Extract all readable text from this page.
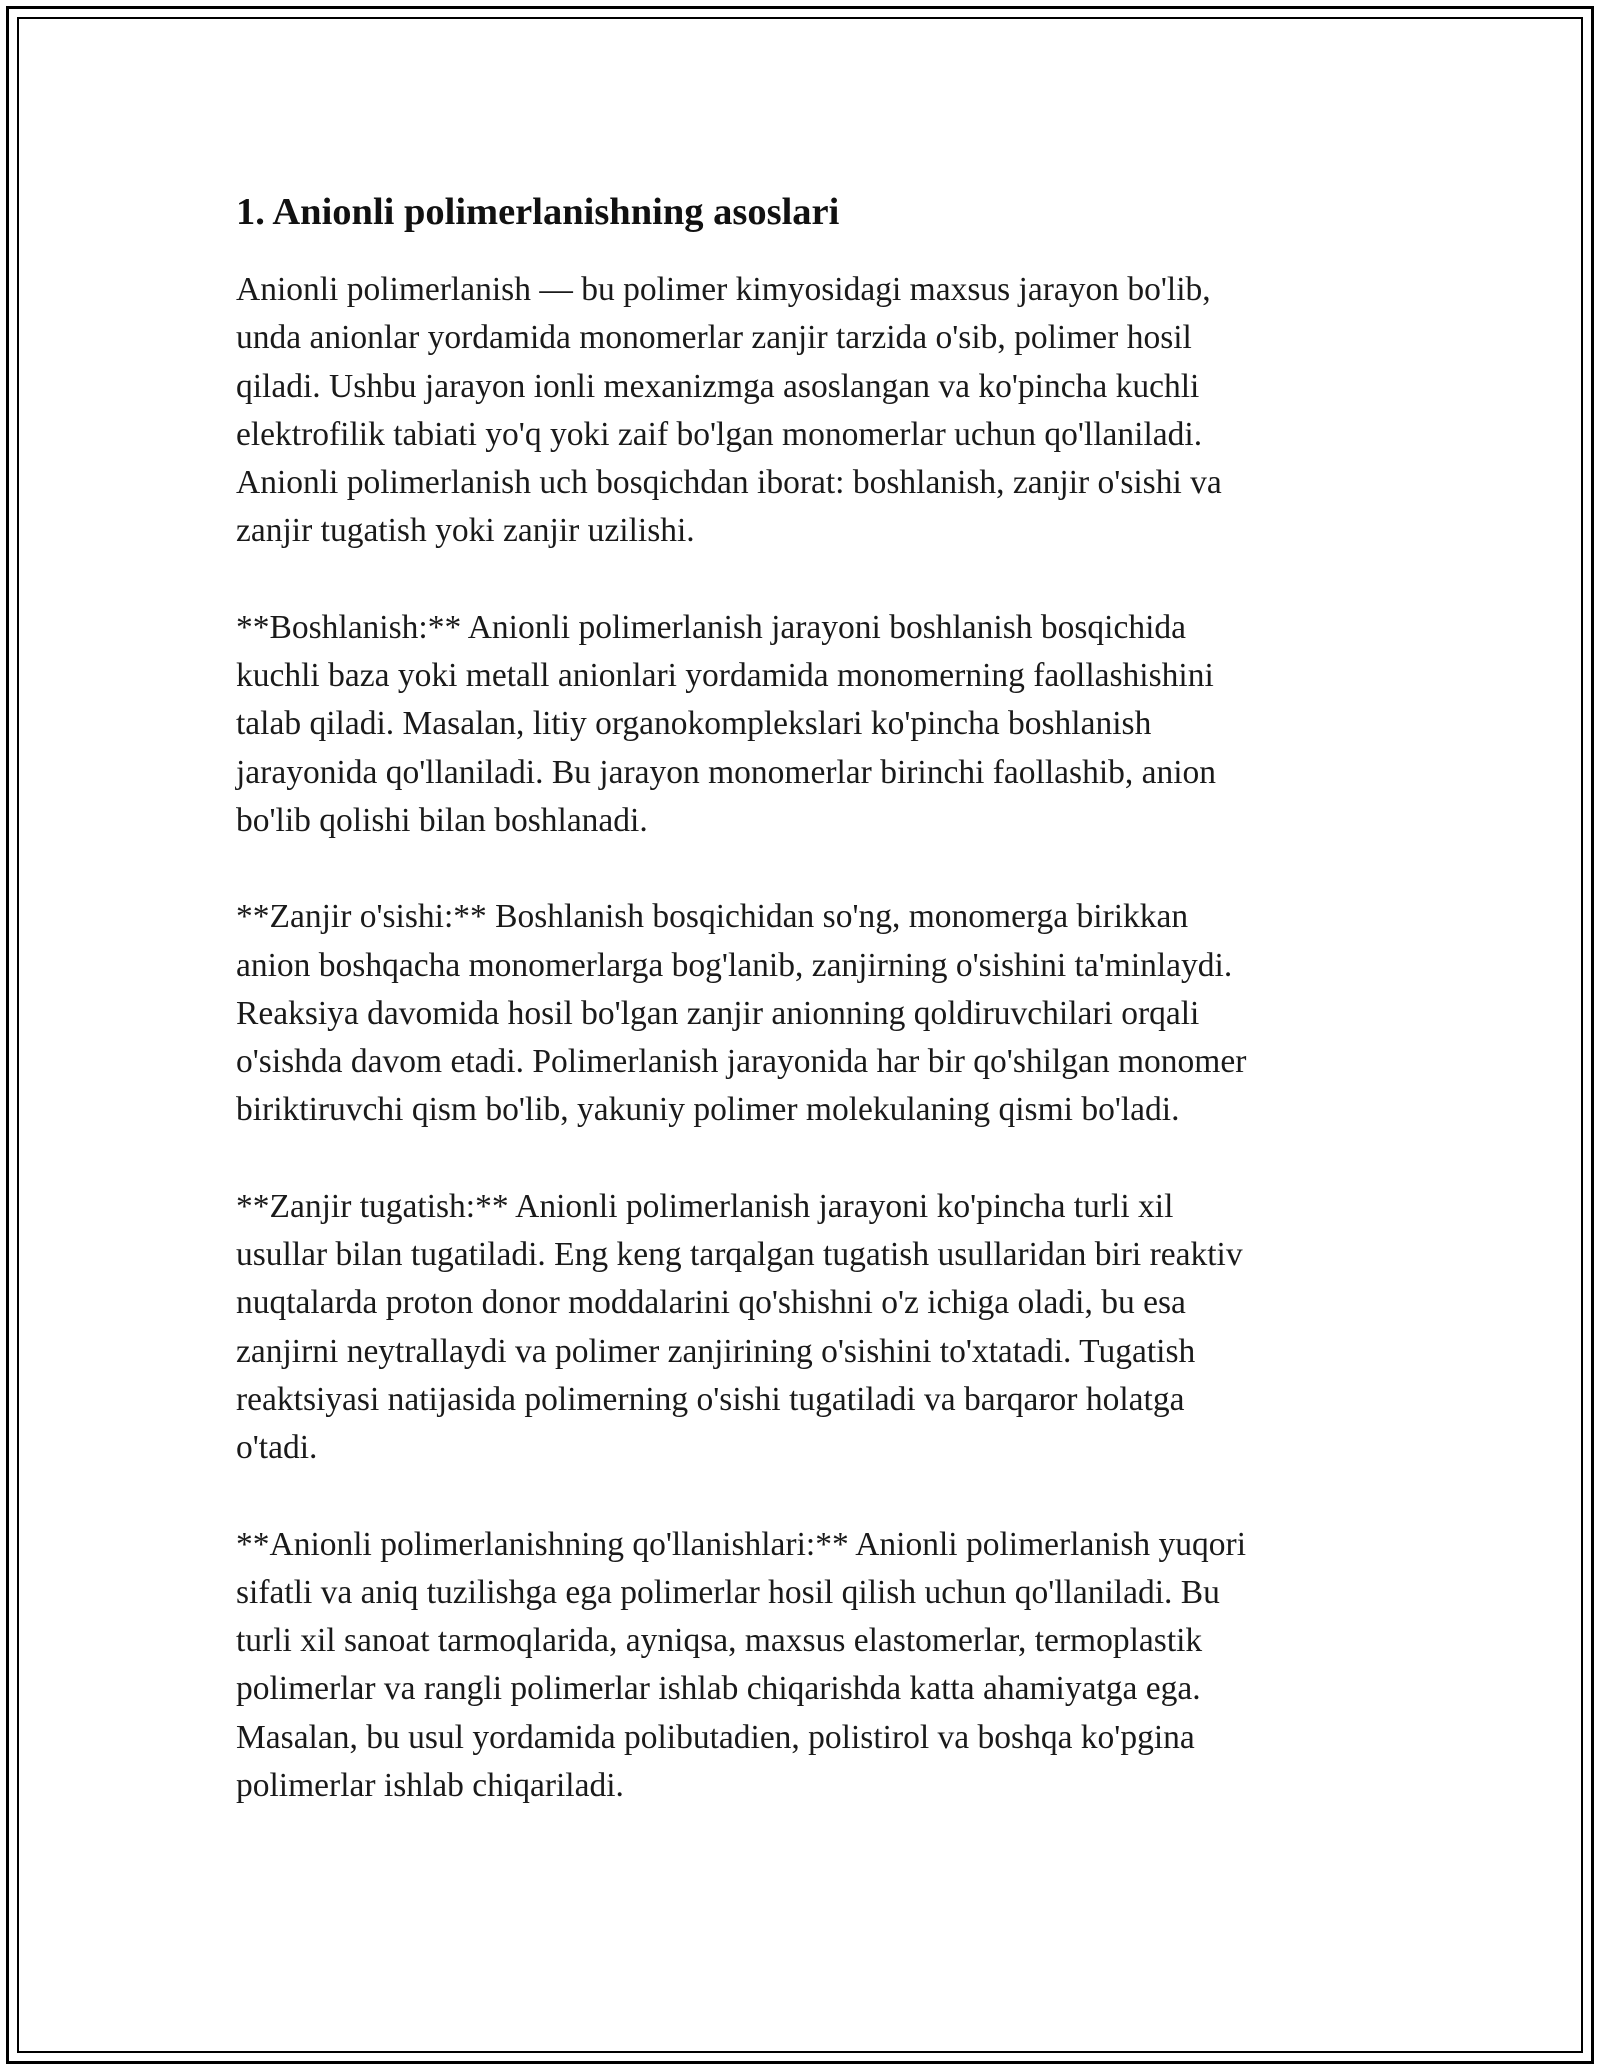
1. Anionli polimerlanishning asoslari

Anionli polimerlanish — bu polimer kimyosidagi maxsus jarayon bo'lib,
unda anionlar yordamida monomerlar zanjir tarzida o'sib, polimer hosil
qiladi. Ushbu jarayon ionli mexanizmga asoslangan va ko'pincha kuchli
elektrofilik tabiati yo'q yoki zaif bo'lgan monomerlar uchun qo'llaniladi.
Anionli polimerlanish uch bosqichdan iborat: boshlanish, zanjir o'sishi va
zanjir tugatish yoki zanjir uzilishi.

**Boshlanish:** Anionli polimerlanish jarayoni boshlanish bosqichida
kuchli baza yoki metall anionlari yordamida monomerning faollashishini
talab qiladi. Masalan, litiy organokomplekslari ko'pincha boshlanish
jarayonida qo'llaniladi. Bu jarayon monomerlar birinchi faollashib, anion
bo'lib qolishi bilan boshlanadi.

**Zanjir o'sishi:** Boshlanish bosqichidan so'ng, monomerga birikkan
anion boshqacha monomerlarga bog'lanib, zanjirning o'sishini ta'minlaydi.
Reaksiya davomida hosil bo'lgan zanjir anionning qoldiruvchilari orqali
o'sishda davom etadi. Polimerlanish jarayonida har bir qo'shilgan monomer
biriktiruvchi qism bo'lib, yakuniy polimer molekulaning qismi bo'ladi.

**Zanjir tugatish:** Anionli polimerlanish jarayoni ko'pincha turli xil
usullar bilan tugatiladi. Eng keng tarqalgan tugatish usullaridan biri reaktiv
nuqtalarda proton donor moddalarini qo'shishni o'z ichiga oladi, bu esa
zanjirni neytrallaydi va polimer zanjirining o'sishini to'xtatadi. Tugatish
reaktsiyasi natijasida polimerning o'sishi tugatiladi va barqaror holatga
o'tadi.

**Anionli polimerlanishning qo'llanishlari:** Anionli polimerlanish yuqori
sifatli va aniq tuzilishga ega polimerlar hosil qilish uchun qo'llaniladi. Bu
turli xil sanoat tarmoqlarida, ayniqsa, maxsus elastomerlar, termoplastik
polimerlar va rangli polimerlar ishlab chiqarishda katta ahamiyatga ega.
Masalan, bu usul yordamida polibutadien, polistirol va boshqa ko'pgina
polimerlar ishlab chiqariladi.
